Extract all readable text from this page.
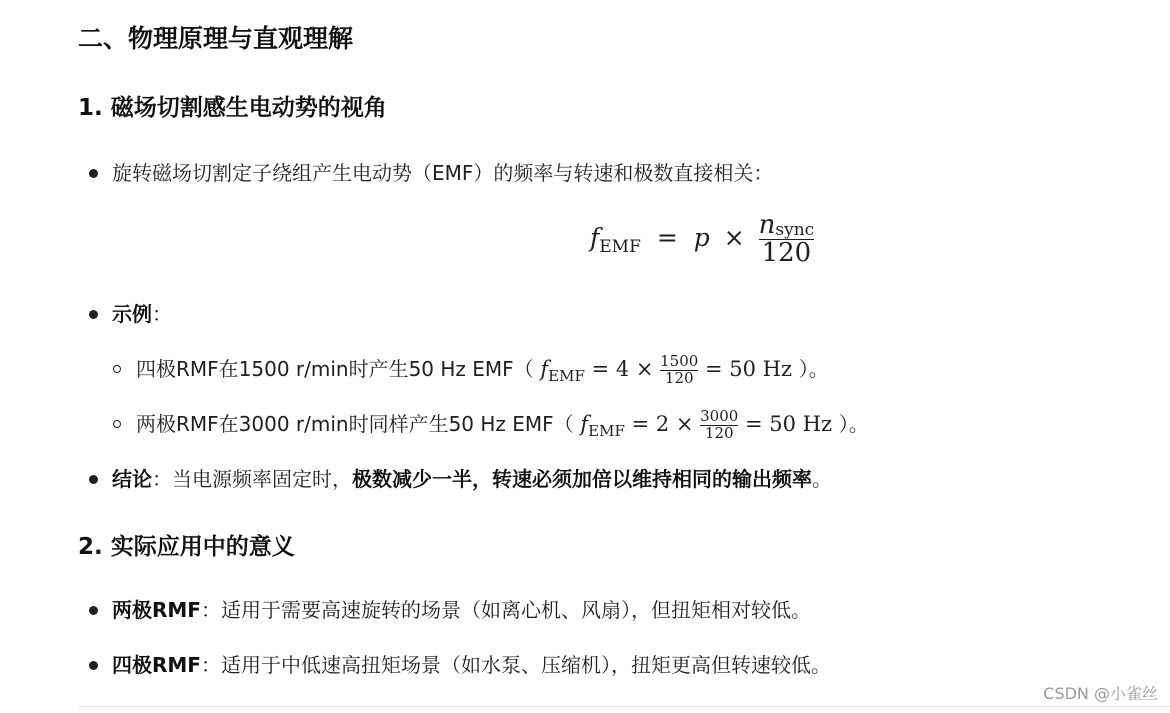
二、物理原理与直观理解
1. 磁场切割感生电动势的视角
旋转磁场切割定子绕组产生电动势（EMF）的频率与转速和极数直接相关：
$f_{EMF} = p \times \frac{\text{nsync}}{120}$
示例：
四极RMF在1500 r/min时产生50 Hz EMF（ $f_{EMF} = 4 \times \frac{1500}{120} = 50$ Hz ）。
两极RMF在3000 r/min时同样产生50 Hz EMF（ $f_{EMF} = 2 \times \frac{3000}{120} = 50$ Hz ）。
结论：当电源频率固定时，极数减少一半，转速必须加倍以维持相同的输出频率。
2. 实际应用中的意义
两极RMF：适用于需要高速旋转的场景（如离心机、风扇），但扭矩相对较低。
四极RMF：适用于中低速高扭矩场景（如水泵、压缩机），扭矩更高但转速较低。
CSDN @小雀丝
